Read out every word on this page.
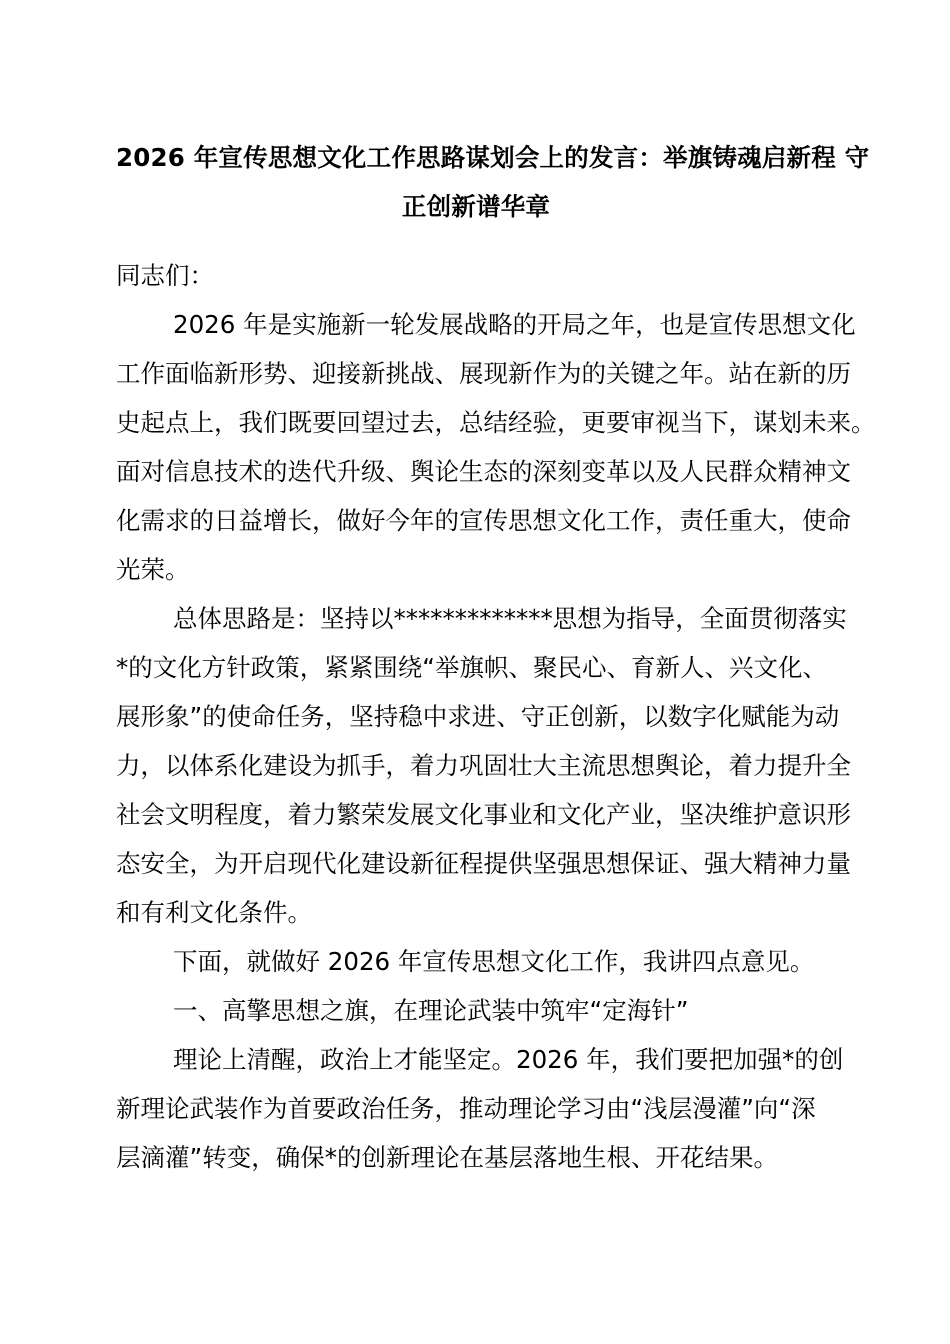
2026 年宣传思想文化工作思路谋划会上的发言：举旗铸魂启新程 守
正创新谱华章

同志们：

2026 年是实施新一轮发展战略的开局之年，也是宣传思想文化
工作面临新形势、迎接新挑战、展现新作为的关键之年。站在新的历
史起点上，我们既要回望过去，总结经验，更要审视当下，谋划未来。
面对信息技术的迭代升级、舆论生态的深刻变革以及人民群众精神文
化需求的日益增长，做好今年的宣传思想文化工作，责任重大，使命
光荣。
总体思路是：坚持以*************思想为指导，全面贯彻落实
*的文化方针政策，紧紧围绕“举旗帜、聚民心、育新人、兴文化、
展形象”的使命任务，坚持稳中求进、守正创新，以数字化赋能为动
力，以体系化建设为抓手，着力巩固壮大主流思想舆论，着力提升全
社会文明程度，着力繁荣发展文化事业和文化产业，坚决维护意识形
态安全，为开启现代化建设新征程提供坚强思想保证、强大精神力量
和有利文化条件。
下面，就做好 2026 年宣传思想文化工作，我讲四点意见。
一、高擎思想之旗，在理论武装中筑牢“定海针”
理论上清醒，政治上才能坚定。2026 年，我们要把加强*的创
新理论武装作为首要政治任务，推动理论学习由“浅层漫灌”向“深
层滴灌”转变，确保*的创新理论在基层落地生根、开花结果。
